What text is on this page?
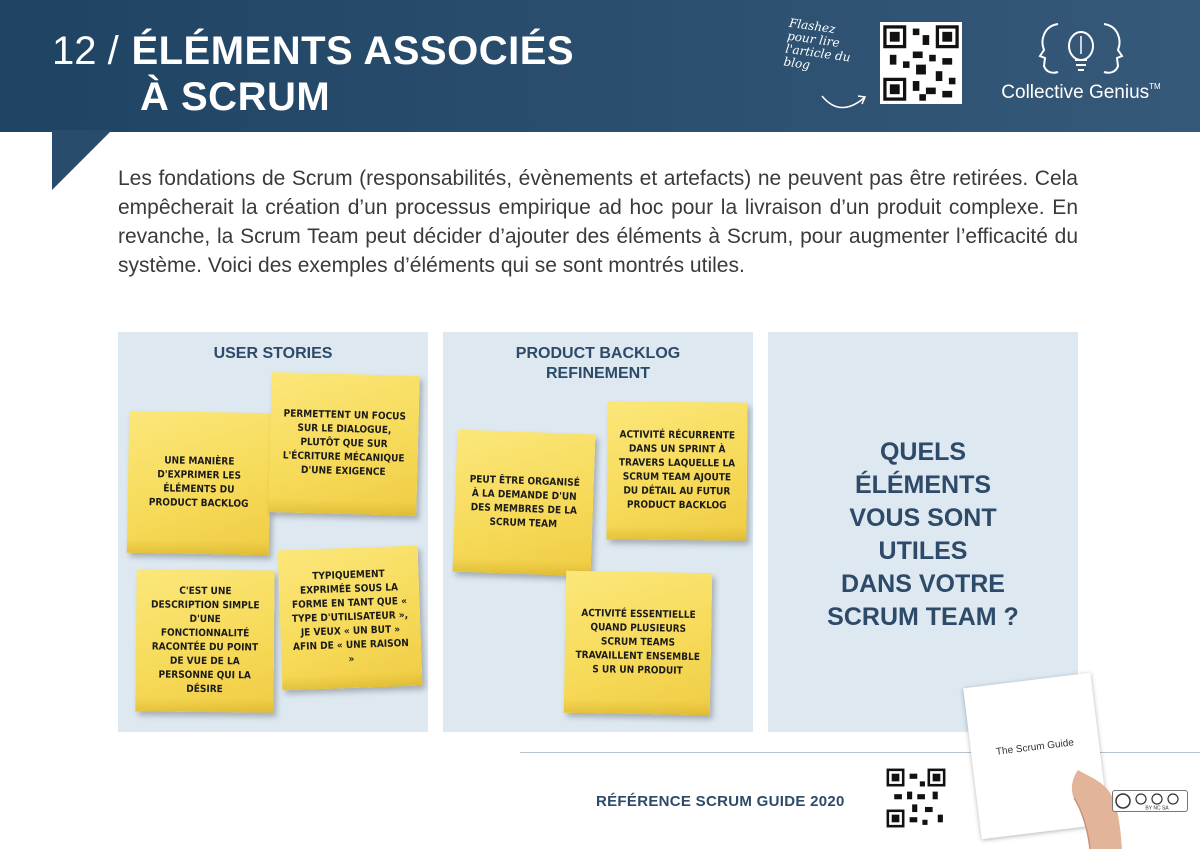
12 / ÉLÉMENTS ASSOCIÉS
À SCRUM
Flashez pour lire l'article du blog
Collective Genius™
Les fondations de Scrum (responsabilités, évènements et artefacts) ne peuvent pas être retirées. Cela empêcherait la création d’un processus empirique ad hoc pour la livraison d’un produit complexe. En revanche, la Scrum Team peut décider d’ajouter des éléments à Scrum, pour augmenter l’efficacité du système. Voici des exemples d’éléments qui se sont montrés utiles.
USER STORIES
UNE MANIÈRE D'EXPRIMER LES ÉLÉMENTS DU PRODUCT BACKLOG
PERMETTENT UN FOCUS SUR LE DIALOGUE, PLUTÔT QUE SUR L'ÉCRITURE MÉCANIQUE D'UNE EXIGENCE
C'EST UNE DESCRIPTION SIMPLE D'UNE FONCTIONNALITÉ RACONTÉE DU POINT DE VUE DE LA PERSONNE QUI LA DÉSIRE
TYPIQUEMENT EXPRIMÉE SOUS LA FORME EN TANT QUE « TYPE D'UTILISATEUR », JE VEUX « UN BUT » AFIN DE « UNE RAISON »
PRODUCT BACKLOG
REFINEMENT
PEUT ÊTRE ORGANISÉ À LA DEMANDE D'UN DES MEMBRES DE LA SCRUM TEAM
ACTIVITÉ RÉCURRENTE DANS UN SPRINT À TRAVERS LAQUELLE LA SCRUM TEAM AJOUTE DU DÉTAIL AU FUTUR PRODUCT BACKLOG
ACTIVITÉ ESSENTIELLE QUAND PLUSIEURS SCRUM TEAMS TRAVAILLENT ENSEMBLE S UR UN PRODUIT
QUELS
ÉLÉMENTS
VOUS SONT
UTILES
DANS VOTRE
SCRUM TEAM ?
RÉFÉRENCE SCRUM GUIDE 2020
The Scrum Guide
BY NC SA
